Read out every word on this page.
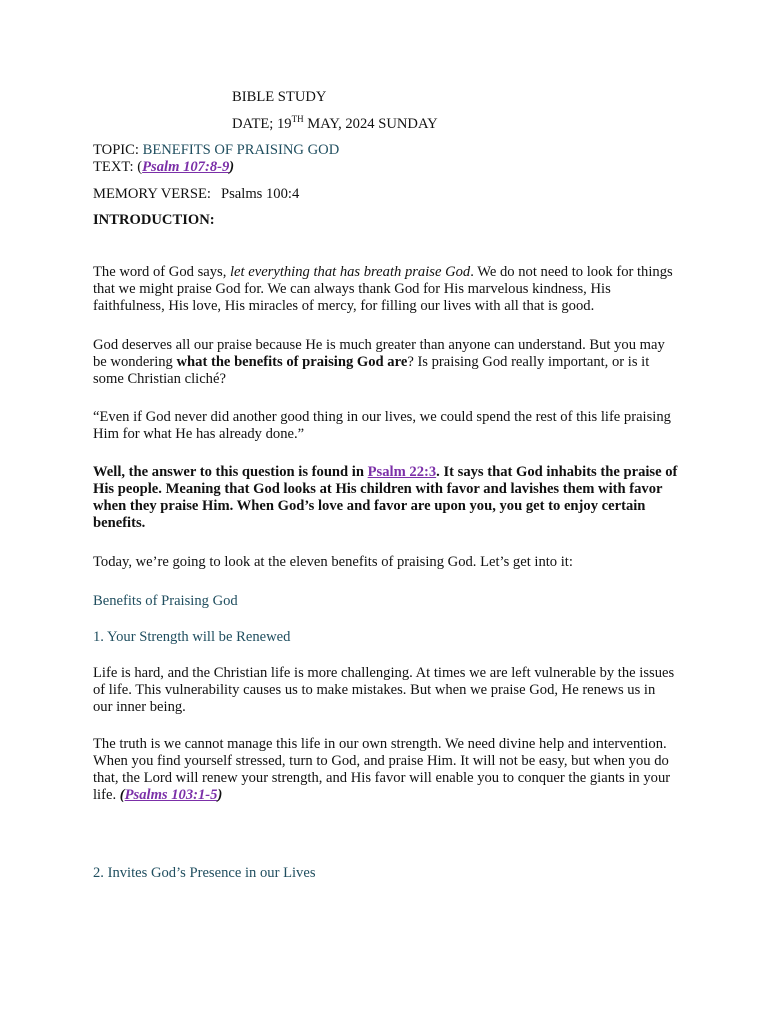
BIBLE STUDY
DATE; 19TH MAY, 2024 SUNDAY
TOPIC: BENEFITS OF PRAISING GOD
TEXT: (Psalm 107:8-9)
MEMORY VERSE: Psalms 100:4
INTRODUCTION:

The word of God says, let everything that has breath praise God. We do not need to look for things that we might praise God for. We can always thank God for His marvelous kindness, His faithfulness, His love, His miracles of mercy, for filling our lives with all that is good.

God deserves all our praise because He is much greater than anyone can understand. But you may be wondering what the benefits of praising God are? Is praising God really important, or is it some Christian cliché?

“Even if God never did another good thing in our lives, we could spend the rest of this life praising Him for what He has already done.”

Well, the answer to this question is found in Psalm 22:3. It says that God inhabits the praise of His people. Meaning that God looks at His children with favor and lavishes them with favor when they praise Him. When God’s love and favor are upon you, you get to enjoy certain benefits.

Today, we’re going to look at the eleven benefits of praising God. Let’s get into it:

Benefits of Praising God
1. Your Strength will be Renewed

Life is hard, and the Christian life is more challenging. At times we are left vulnerable by the issues of life. This vulnerability causes us to make mistakes. But when we praise God, He renews us in our inner being.

The truth is we cannot manage this life in our own strength. We need divine help and intervention. When you find yourself stressed, turn to God, and praise Him. It will not be easy, but when you do that, the Lord will renew your strength, and His favor will enable you to conquer the giants in your life. (Psalms 103:1-5)

2. Invites God’s Presence in our Lives
